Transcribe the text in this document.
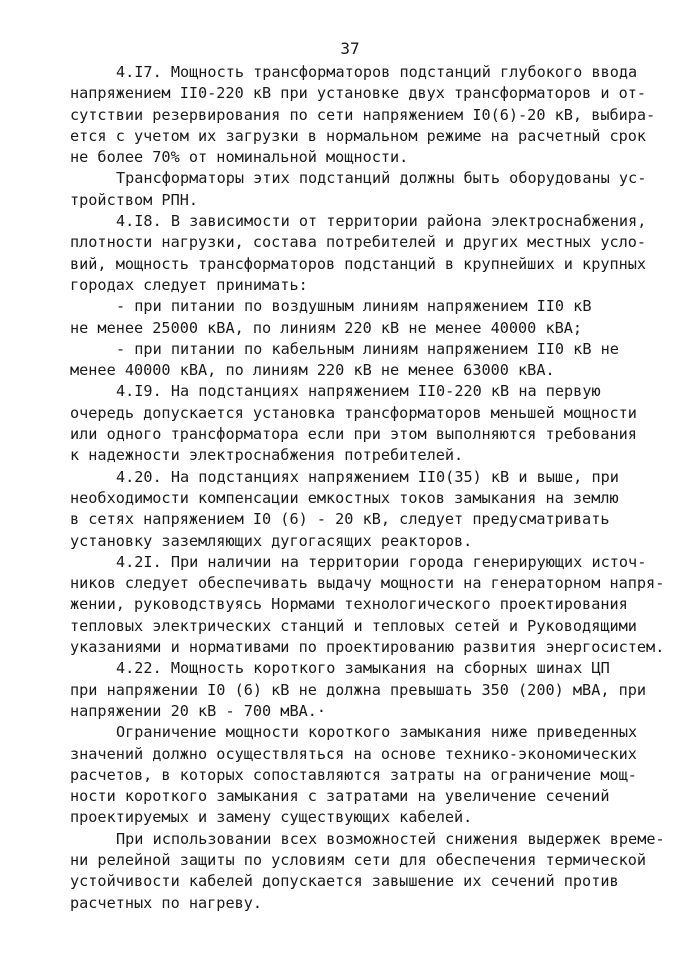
37
4.I7. Мощность трансформаторов подстанций глубокого ввода
напряжением II0-220 кВ при установке двух трансформаторов и от-
сутствии резервирования по сети напряжением I0(6)-20 кВ, выбира-
ется с учетом их загрузки в нормальном режиме на расчетный срок
не более 70% от номинальной мощности.
Трансформаторы этих подстанций должны быть оборудованы ус-
тройством РПН.
4.I8. В зависимости от территории района электроснабжения,
плотности нагрузки, состава потребителей и других местных усло-
вий, мощность трансформаторов подстанций в крупнейших и крупных
городах следует принимать:
- при питании по воздушным линиям напряжением II0 кВ
не менее 25000 кВА, по линиям 220 кВ не менее 40000 кВА;
- при питании по кабельным линиям напряжением II0 кВ не
менее 40000 кВА, по линиям 220 кВ не менее 63000 кВА.
4.I9. На подстанциях напряжением II0-220 кВ на первую
очередь допускается установка трансформаторов меньшей мощности
или одного трансформатора если при этом выполняются требования
к надежности электроснабжения потребителей.
4.20. На подстанциях напряжением II0(35) кВ и выше, при
необходимости компенсации емкостных токов замыкания на землю
в сетях напряжением I0 (6) - 20 кВ, следует предусматривать
установку заземляющих дугогасящих реакторов.
4.2I. При наличии на территории города генерирующих источ-
ников следует обеспечивать выдачу мощности на генераторном напря-
жении, руководствуясь Нормами технологического проектирования
тепловых электрических станций и тепловых сетей и Руководящими
указаниями и нормативами по проектированию развития энергосистем.
4.22. Мощность короткого замыкания на сборных шинах ЦП
при напряжении I0 (6) кВ не должна превышать 350 (200) мВА, при
напряжении 20 кВ - 700 мВА.·
Ограничение мощности короткого замыкания ниже приведенных
значений должно осуществляться на основе технико-экономических
расчетов, в которых сопоставляются затраты на ограничение мощ-
ности короткого замыкания с затратами на увеличение сечений
проектируемых и замену существующих кабелей.
При использовании всех возможностей снижения выдержек време-
ни релейной защиты по условиям сети для обеспечения термической
устойчивости кабелей допускается завышение их сечений против
расчетных по нагреву.
